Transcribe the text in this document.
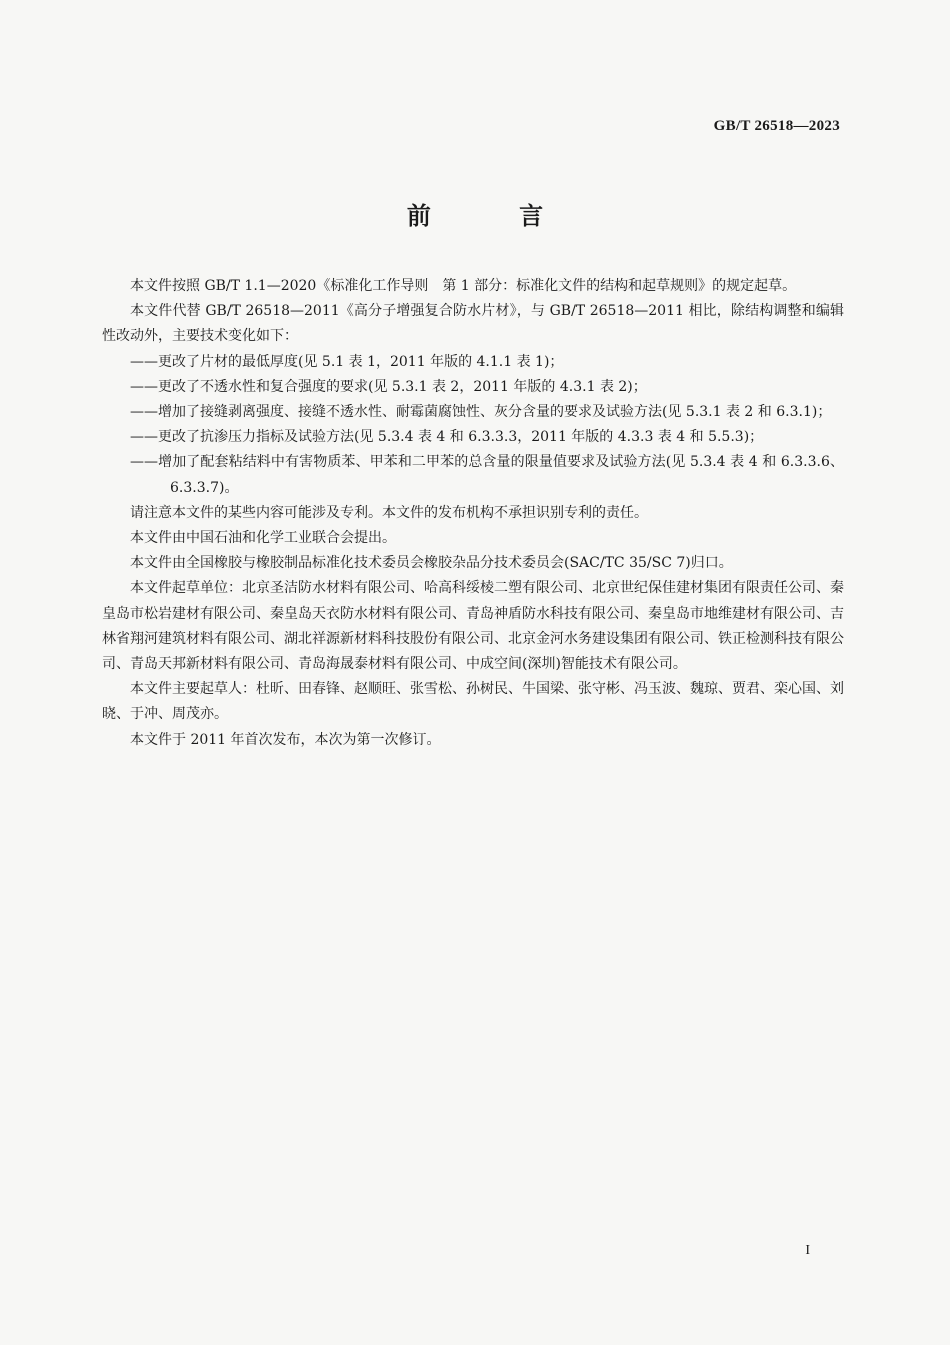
GB/T 26518—2023
前 言

本文件按照 GB/T 1.1—2020《标准化工作导则　第 1 部分：标准化文件的结构和起草规则》的规定起草。

本文件代替 GB/T 26518—2011《高分子增强复合防水片材》，与 GB/T 26518—2011 相比，除结构调整和编辑性改动外，主要技术变化如下：

——更改了片材的最低厚度(见 5.1 表 1，2011 年版的 4.1.1 表 1)；

——更改了不透水性和复合强度的要求(见 5.3.1 表 2，2011 年版的 4.3.1 表 2)；

——增加了接缝剥离强度、接缝不透水性、耐霉菌腐蚀性、灰分含量的要求及试验方法(见 5.3.1 表 2 和 6.3.1)；

——更改了抗渗压力指标及试验方法(见 5.3.4 表 4 和 6.3.3.3，2011 年版的 4.3.3 表 4 和 5.5.3)；

——增加了配套粘结料中有害物质苯、甲苯和二甲苯的总含量的限量值要求及试验方法(见 5.3.4 表 4 和 6.3.3.6、6.3.3.7)。

请注意本文件的某些内容可能涉及专利。本文件的发布机构不承担识别专利的责任。

本文件由中国石油和化学工业联合会提出。

本文件由全国橡胶与橡胶制品标准化技术委员会橡胶杂品分技术委员会(SAC/TC 35/SC 7)归口。

本文件起草单位：北京圣洁防水材料有限公司、哈高科绥棱二塑有限公司、北京世纪保佳建材集团有限责任公司、秦皇岛市松岩建材有限公司、秦皇岛天衣防水材料有限公司、青岛神盾防水科技有限公司、秦皇岛市地维建材有限公司、吉林省翔河建筑材料有限公司、湖北祥源新材料科技股份有限公司、北京金河水务建设集团有限公司、铁正检测科技有限公司、青岛天邦新材料有限公司、青岛海晟泰材料有限公司、中成空间(深圳)智能技术有限公司。

本文件主要起草人：杜昕、田春锋、赵顺旺、张雪松、孙树民、牛国梁、张守彬、冯玉波、魏琼、贾君、栾心国、刘晓、于冲、周茂亦。

本文件于 2011 年首次发布，本次为第一次修订。

I
